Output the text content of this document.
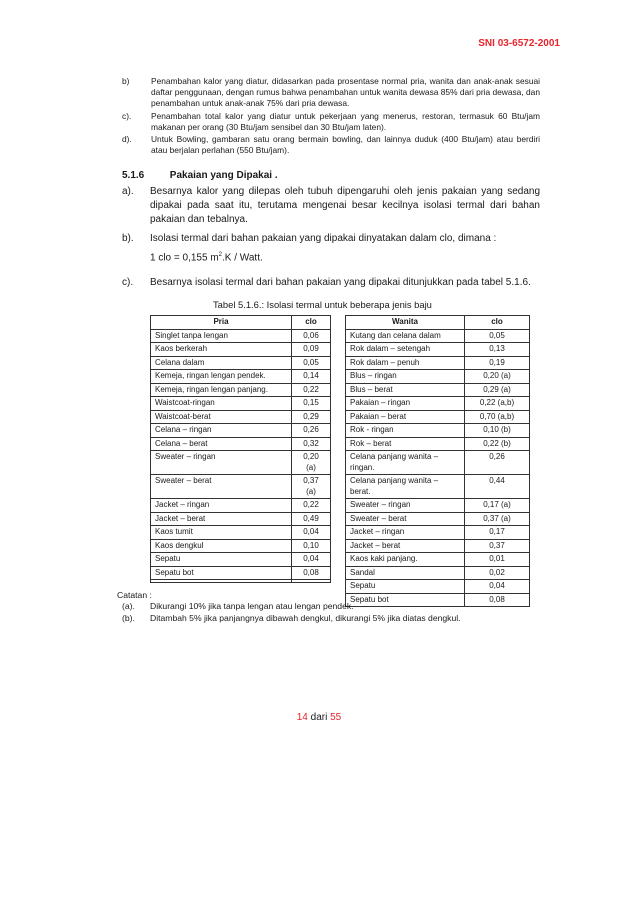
SNI 03-6572-2001
b)	Penambahan kalor yang diatur, didasarkan pada prosentase normal pria, wanita dan anak-anak sesuai daftar penggunaan, dengan rumus bahwa penambahan untuk wanita dewasa 85% dari pria dewasa, dan penambahan untuk anak-anak 75% dari pria dewasa.
c). Penambahan total kalor yang diatur untuk pekerjaan yang menerus, restoran, termasuk 60 Btu/jam makanan per orang (30 Btu/jam sensibel dan 30 Btu/jam laten).
d). Untuk Bowling, gambaran satu orang bermain bowling, dan lainnya duduk (400 Btu/jam) atau berdiri atau berjalan perlahan (550 Btu/jam).
5.1.6	Pakaian yang Dipakai .
a). Besarnya kalor yang dilepas oleh tubuh dipengaruhi oleh jenis pakaian yang sedang dipakai pada saat itu, terutama mengenai besar kecilnya isolasi termal dari bahan pakaian dan tebalnya.
b). Isolasi termal dari bahan pakaian yang dipakai dinyatakan dalam clo, dimana :
1 clo = 0,155 $m^2.K$ / Watt.
c). Besarnya isolasi termal dari bahan pakaian yang dipakai ditunjukkan pada tabel 5.1.6.
Tabel 5.1.6.: Isolasi termal untuk beberapa jenis baju
Pria	clo
Singlet tanpa lengan	0,06
Kaos berkerah	0,09
Celana dalam	0,05
Kemeja, ringan lengan pendek.	0,14
Kemeja, ringan lengan panjang.	0,22
Waistcoat-ringan	0,15
Waistcoat-berat	0,29
Celana – ringan	0,26
Celana – berat	0,32
Sweater – ringan	0,20
(a)
Sweater – berat	0,37
(a)
Jacket – ringan	0,22
Jacket – berat	0,49
Kaos tumit	0,04
Kaos dengkul	0,10
Sepatu	0,04
Sepatu bot	0,08

Wanita	clo
Kutang dan celana dalam	0,05
Rok dalam – setengah	0,13
Rok dalam – penuh	0,19
Blus – ringan	0,20 (a)
Blus – berat	0,29 (a)
Pakaian – ringan	0,22 (a,b)
Pakaian – berat	0,70 (a,b)
Rok - ringan	0,10 (b)
Rok – berat	0,22 (b)
Celana panjang wanita –
ringan.	0,26
Celana panjang wanita –
berat.	0,44
Sweater – ringan	0,17 (a)
Sweater – berat	0,37 (a)
Jacket – ringan	0,17
Jacket – berat	0,37
Kaos kaki panjang.	0,01
Sandal	0,02
Sepatu	0,04
Sepatu bot	0,08
Catatan :
(a). Dikurangi 10% jika tanpa lengan atau lengan pendek.
(b). Ditambah 5% jika panjangnya dibawah dengkul, dikurangi 5% jika diatas dengkul.
14 dari 55
